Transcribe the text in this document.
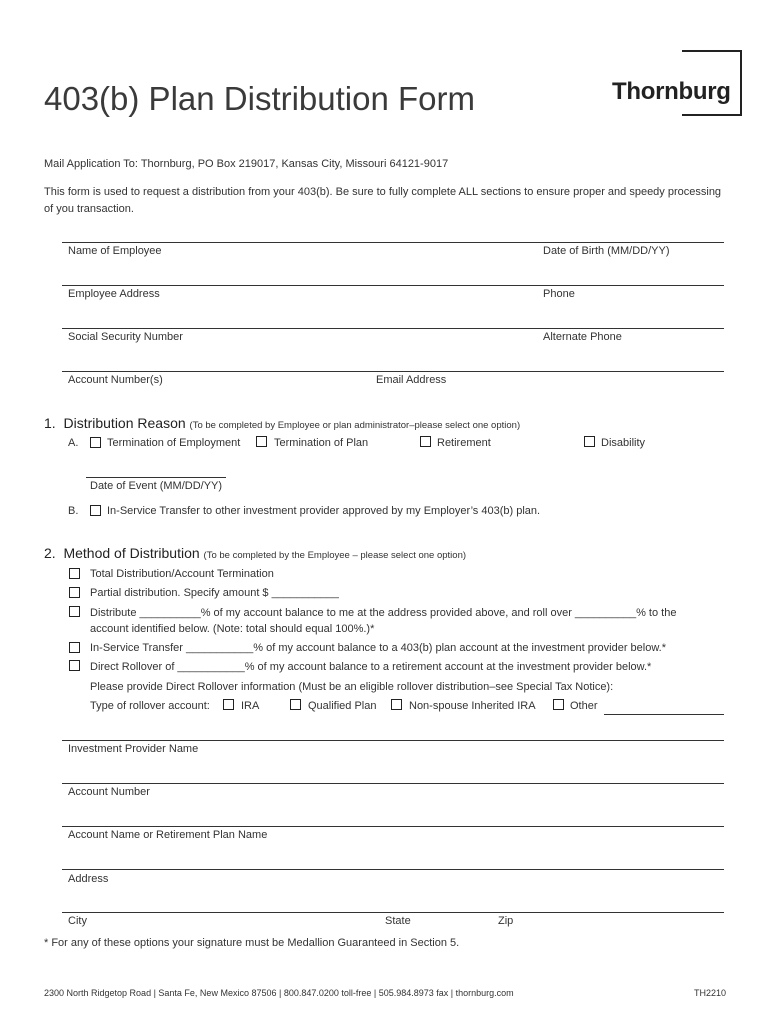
403(b) Plan Distribution Form	Thornburg
Mail Application To: Thornburg, PO Box 219017, Kansas City, Missouri 64121-9017
This form is used to request a distribution from your 403(b). Be sure to fully complete ALL sections to ensure proper and speedy processing
of you transaction.
Name of Employee	Date of Birth (MM/DD/YY)
Employee Address	Phone
Social Security Number	Alternate Phone
Account Number(s)	Email Address
1. Distribution Reason (To be completed by Employee or plan administrator–please select one option)
A.	Termination of Employment	Termination of Plan	Retirement	Disability
Date of Event (MM/DD/YY)
B.	In-Service Transfer to other investment provider approved by my Employer’s 403(b) plan.
2. Method of Distribution (To be completed by the Employee – please select one option)
Total Distribution/Account Termination
Partial distribution. Specify amount $ ___________
Distribute __________% of my account balance to me at the address provided above, and roll over __________% to the
account identified below. (Note: total should equal 100%.)*
In-Service Transfer ___________% of my account balance to a 403(b) plan account at the investment provider below.*
Direct Rollover of ___________% of my account balance to a retirement account at the investment provider below.*
Please provide Direct Rollover information (Must be an eligible rollover distribution–see Special Tax Notice):
Type of rollover account:	IRA	Qualified Plan	Non-spouse Inherited IRA	Other
Investment Provider Name
Account Number
Account Name or Retirement Plan Name
Address
City	State	Zip
* For any of these options your signature must be Medallion Guaranteed in Section 5.
2300 North Ridgetop Road | Santa Fe, New Mexico 87506 | 800.847.0200 toll-free | 505.984.8973 fax | thornburg.com	TH2210
